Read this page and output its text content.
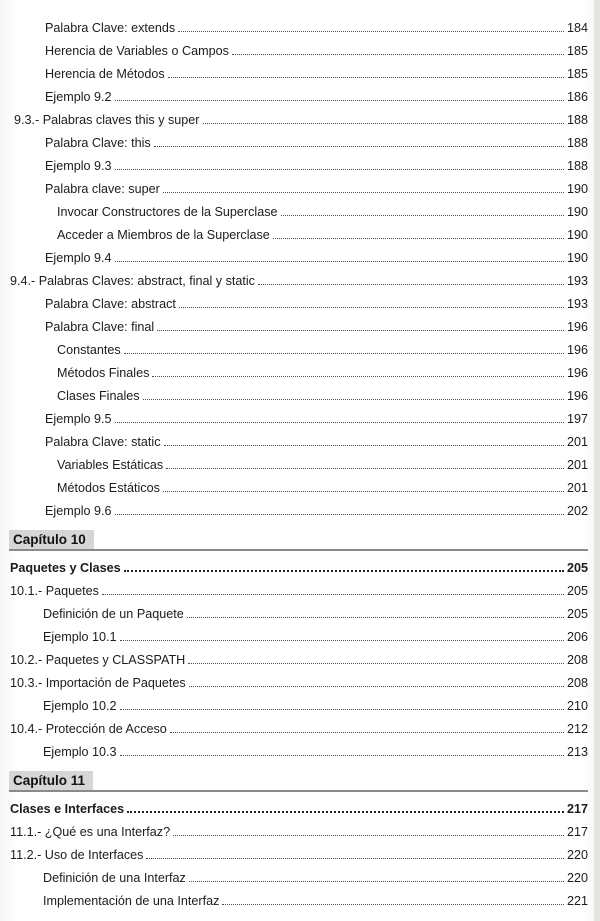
Palabra Clave: extends	184
Herencia de Variables o Campos	185
Herencia de Métodos	185
Ejemplo 9.2	186
9.3.- Palabras claves this y super	188
Palabra Clave: this	188
Ejemplo 9.3	188
Palabra clave: super	190
Invocar Constructores de la Superclase	190
Acceder a Miembros de la Superclase	190
Ejemplo 9.4	190
9.4.- Palabras Claves: abstract, final y static	193
Palabra Clave: abstract	193
Palabra Clave: final	196
Constantes	196
Métodos Finales	196
Clases Finales	196
Ejemplo 9.5	197
Palabra Clave: static	201
Variables Estáticas	201
Métodos Estáticos	201
Ejemplo 9.6	202
Capítulo 10
Paquetes y Clases	205
10.1.- Paquetes	205
Definición de un Paquete	205
Ejemplo 10.1	206
10.2.- Paquetes y CLASSPATH	208
10.3.- Importación de Paquetes	208
Ejemplo 10.2	210
10.4.- Protección de Acceso	212
Ejemplo 10.3	213
Capítulo 11
Clases e Interfaces	217
11.1.- ¿Qué es una Interfaz?	217
11.2.- Uso de Interfaces	220
Definición de una Interfaz	220
Implementación de una Interfaz	221
